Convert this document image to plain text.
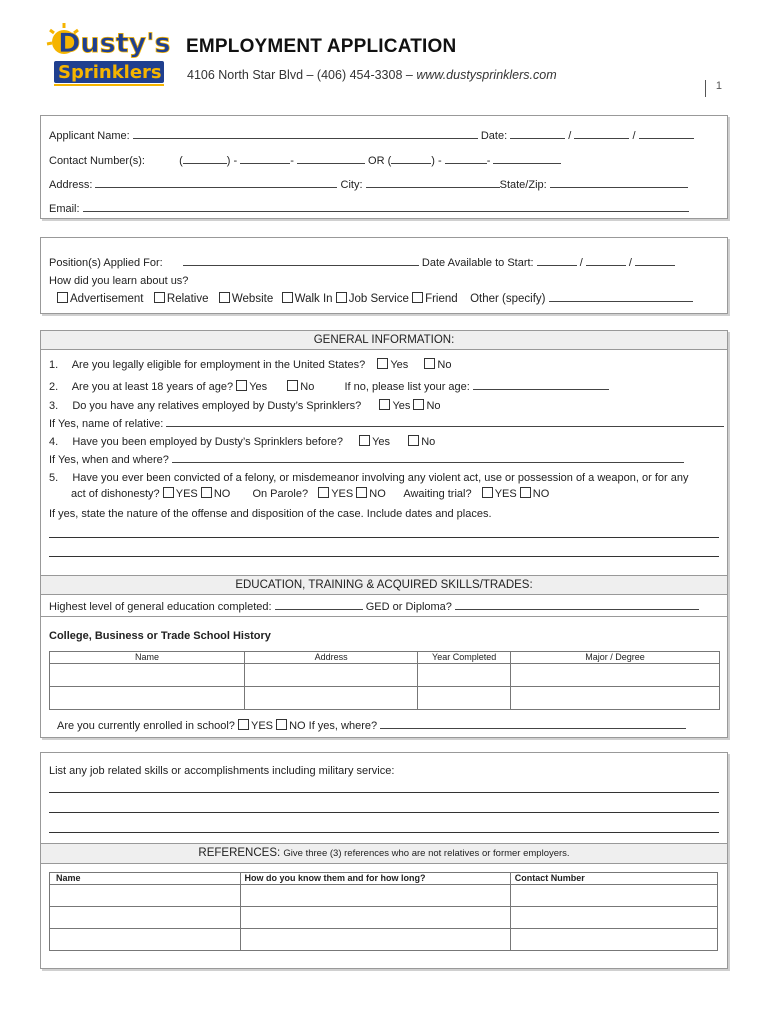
Dusty's
Sprinklers
EMPLOYMENT APPLICATION
4106 North Star Blvd – (406) 454-3308 – www.dustysprinklers.com
1
Applicant Name:	Date:	/	/
Contact Number(s):	(	) -	-	OR (	) -	-
Address:	City:	State/Zip:
Email:
Position(s) Applied For:	Date Available to Start:	/	/
How did you learn about us?
Advertisement Relative Website Walk In Job Service Friend Other (specify)
GENERAL INFORMATION:
1. Are you legally eligible for employment in the United States? Yes	No
2. Are you at least 18 years of age? Yes	No	If no, please list your age:
3. Do you have any relatives employed by Dusty’s Sprinklers?	Yes No
If Yes, name of relative:
4. Have you been employed by Dusty’s Sprinklers before?	Yes	No
If Yes, when and where?
5. Have you ever been convicted of a felony, or misdemeanor involving any violent act, use or possession of a weapon, or for any
act of dishonesty? YES NO On Parole? YES NO Awaiting trial? YES NO
If yes, state the nature of the offense and disposition of the case. Include dates and places.
EDUCATION, TRAINING & ACQUIRED SKILLS/TRADES:
Highest level of general education completed:	GED or Diploma?
College, Business or Trade School History
Name	Address	Year Completed	Major / Degree

Are you currently enrolled in school? YES NO If yes, where?
List any job related skills or accomplishments including military service:
REFERENCES: Give three (3) references who are not relatives or former employers.
Name	How do you know them and for how long?	Contact Number
